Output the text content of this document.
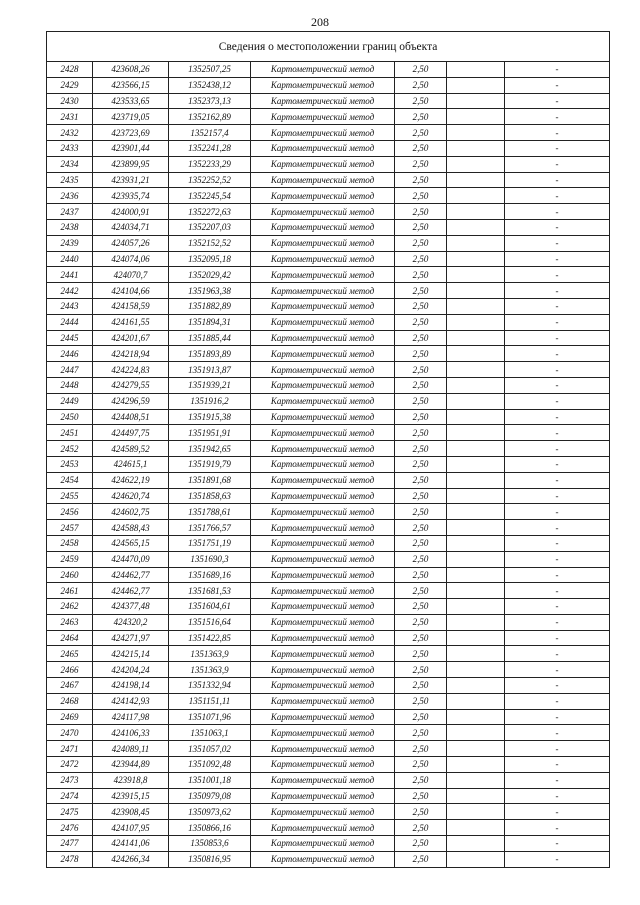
208
Сведения о местоположении границ объекта						
2428	423608,26	1352507,25	Картометрический метод	2,50		-
2429	423566,15	1352438,12	Картометрический метод	2,50		-
2430	423533,65	1352373,13	Картометрический метод	2,50		-
2431	423719,05	1352162,89	Картометрический метод	2,50		-
2432	423723,69	1352157,4	Картометрический метод	2,50		-
2433	423901,44	1352241,28	Картометрический метод	2,50		-
2434	423899,95	1352233,29	Картометрический метод	2,50		-
2435	423931,21	1352252,52	Картометрический метод	2,50		-
2436	423935,74	1352245,54	Картометрический метод	2,50		-
2437	424000,91	1352272,63	Картометрический метод	2,50		-
2438	424034,71	1352207,03	Картометрический метод	2,50		-
2439	424057,26	1352152,52	Картометрический метод	2,50		-
2440	424074,06	1352095,18	Картометрический метод	2,50		-
2441	424070,7	1352029,42	Картометрический метод	2,50		-
2442	424104,66	1351963,38	Картометрический метод	2,50		-
2443	424158,59	1351882,89	Картометрический метод	2,50		-
2444	424161,55	1351894,31	Картометрический метод	2,50		-
2445	424201,67	1351885,44	Картометрический метод	2,50		-
2446	424218,94	1351893,89	Картометрический метод	2,50		-
2447	424224,83	1351913,87	Картометрический метод	2,50		-
2448	424279,55	1351939,21	Картометрический метод	2,50		-
2449	424296,59	1351916,2	Картометрический метод	2,50		-
2450	424408,51	1351915,38	Картометрический метод	2,50		-
2451	424497,75	1351951,91	Картометрический метод	2,50		-
2452	424589,52	1351942,65	Картометрический метод	2,50		-
2453	424615,1	1351919,79	Картометрический метод	2,50		-
2454	424622,19	1351891,68	Картометрический метод	2,50		-
2455	424620,74	1351858,63	Картометрический метод	2,50		-
2456	424602,75	1351788,61	Картометрический метод	2,50		-
2457	424588,43	1351766,57	Картометрический метод	2,50		-
2458	424565,15	1351751,19	Картометрический метод	2,50		-
2459	424470,09	1351690,3	Картометрический метод	2,50		-
2460	424462,77	1351689,16	Картометрический метод	2,50		-
2461	424462,77	1351681,53	Картометрический метод	2,50		-
2462	424377,48	1351604,61	Картометрический метод	2,50		-
2463	424320,2	1351516,64	Картометрический метод	2,50		-
2464	424271,97	1351422,85	Картометрический метод	2,50		-
2465	424215,14	1351363,9	Картометрический метод	2,50		-
2466	424204,24	1351363,9	Картометрический метод	2,50		-
2467	424198,14	1351332,94	Картометрический метод	2,50		-
2468	424142,93	1351151,11	Картометрический метод	2,50		-
2469	424117,98	1351071,96	Картометрический метод	2,50		-
2470	424106,33	1351063,1	Картометрический метод	2,50		-
2471	424089,11	1351057,02	Картометрический метод	2,50		-
2472	423944,89	1351092,48	Картометрический метод	2,50		-
2473	423918,8	1351001,18	Картометрический метод	2,50		-
2474	423915,15	1350979,08	Картометрический метод	2,50		-
2475	423908,45	1350973,62	Картометрический метод	2,50		-
2476	424107,95	1350866,16	Картометрический метод	2,50		-
2477	424141,06	1350853,6	Картометрический метод	2,50		-
2478	424266,34	1350816,95	Картометрический метод	2,50		-
